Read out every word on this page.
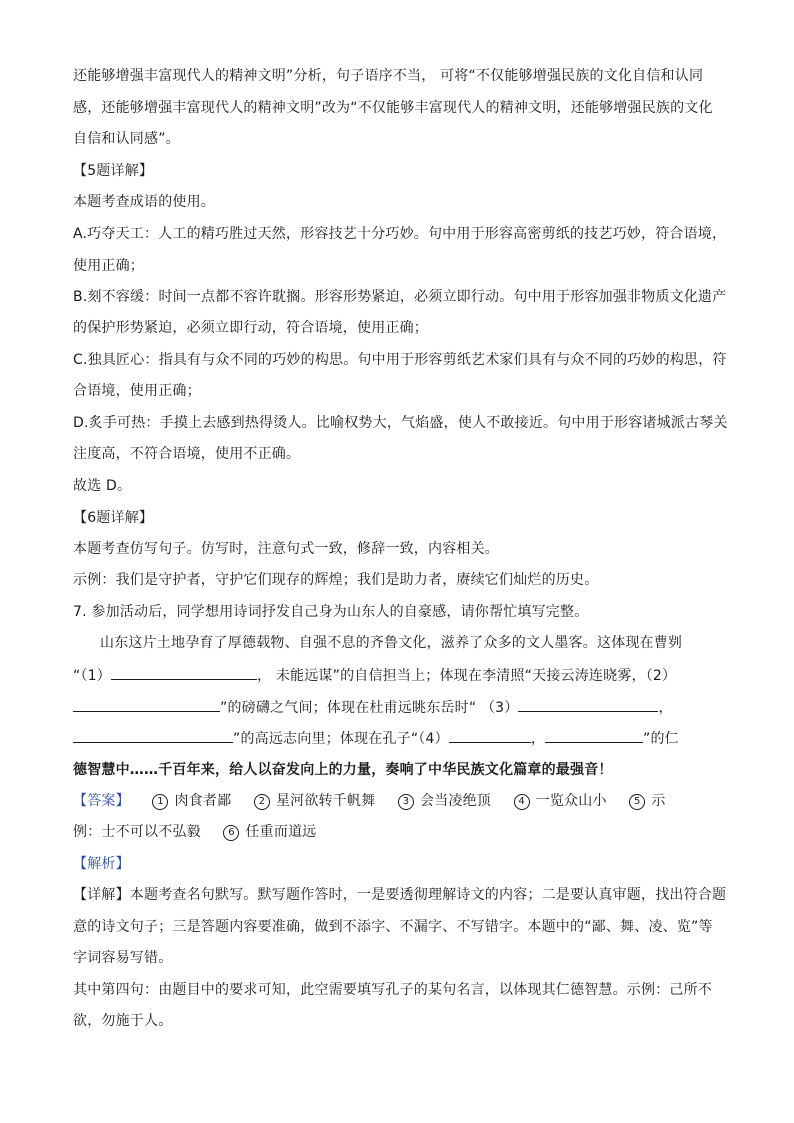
还能够增强丰富现代人的精神文明”分析，句子语序不当， 可将“不仅能够增强民族的文化自信和认同
感，还能够增强丰富现代人的精神文明”改为“不仅能够丰富现代人的精神文明，还能够增强民族的文化
自信和认同感”。
【5题详解】
本题考查成语的使用。
A.巧夺天工：人工的精巧胜过天然，形容技艺十分巧妙。句中用于形容高密剪纸的技艺巧妙，符合语境，
使用正确；
B.刻不容缓：时间一点都不容许耽搁。形容形势紧迫，必须立即行动。句中用于形容加强非物质文化遗产
的保护形势紧迫，必须立即行动，符合语境，使用正确；
C.独具匠心：指具有与众不同的巧妙的构思。句中用于形容剪纸艺术家们具有与众不同的巧妙的构思，符
合语境，使用正确；
D.炙手可热：手摸上去感到热得烫人。比喻权势大，气焰盛，使人不敢接近。句中用于形容诸城派古琴关
注度高，不符合语境，使用不正确。
故选 D。
【6题详解】
本题考查仿写句子。仿写时，注意句式一致，修辞一致，内容相关。
示例：我们是守护者，守护它们现存的辉煌；我们是助力者，赓续它们灿烂的历史。
7. 参加活动后，同学想用诗词抒发自己身为山东人的自豪感，请你帮忙填写完整。
山东这片土地孕育了厚德载物、自强不息的齐鲁文化，滋养了众多的文人墨客。这体现在曹刿
“（1）	， 未能远谋”的自信担当上；体现在李清照“天接云涛连晓雾，（2）
”的磅礴之气间；体现在杜甫远眺东岳时“ （3）	，
”的高远志向里；体现在孔子“（4）	，	”的仁
德智慧中……千百年来，给人以奋发向上的力量，奏响了中华民族文化篇章的最强音！
【答案】	1 肉食者鄙	2 星河欲转千帆舞	3 会当凌绝顶	4 一览众山小	5 示
例：士不可以不弘毅	6 任重而道远
【解析】
【详解】本题考查名句默写。默写题作答时，一是要透彻理解诗文的内容；二是要认真审题，找出符合题
意的诗文句子；三是答题内容要准确，做到不添字、不漏字、不写错字。本题中的“鄙、舞、凌、览”等
字词容易写错。
其中第四句：由题目中的要求可知，此空需要填写孔子的某句名言，以体现其仁德智慧。示例：己所不
欲，勿施于人。
